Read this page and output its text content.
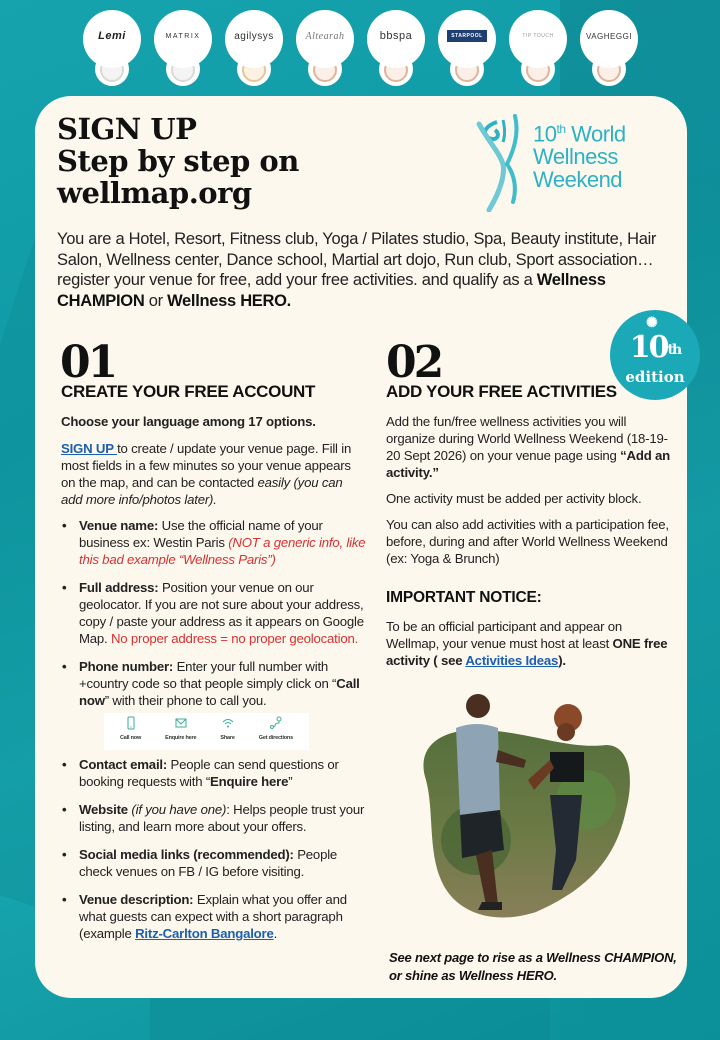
Lemi	MATRIX	agilysys	Altearah	bbspa	STARPOOL	TIP TOUCH	VAGHEGGI
SIGN UP
Step by step on
wellmap.org
10th World
Wellness
Weekend
You are a Hotel, Resort, Fitness club, Yoga / Pilates studio, Spa, Beauty institute, Hair Salon, Wellness center, Dance school, Martial art dojo, Run club, Sport association… register your venue for free, add your free activities. and qualify as a Wellness CHAMPION or Wellness HERO.
01
CREATE YOUR FREE ACCOUNT

Choose your language among 17 options.

SIGN UP to create / update your venue page. Fill in most fields in a few minutes so your venue appears on the map, and can be contacted easily (you can add more info/photos later).

• Venue name: Use the official name of your business ex: Westin Paris (NOT a generic info, like this bad example “Wellness Paris”)
• Full address: Position your venue on our geolocator. If you are not sure about your address, copy / paste your address as it appears on Google Map. No proper address = no proper geolocation.
• Phone number: Enter your full number with +country code so that people simply click on “Call now” with their phone to call you.
Call now	Enquire here	Share	Get directions
• Contact email: People can send questions or booking requests with “Enquire here”
• Website (if you have one): Helps people trust your listing, and learn more about your offers.
• Social media links (recommended): People check venues on FB / IG before visiting.
• Venue description: Explain what you offer and what guests can expect with a short paragraph (example Ritz-Carlton Bangalore.
02
ADD YOUR FREE ACTIVITIES

Add the fun/free wellness activities you will organize during World Wellness Weekend (18-19-20 Sept 2026) on your venue page using “Add an activity.”

One activity must be added per activity block.

You can also add activities with a participation fee, before, during and after World Wellness Weekend (ex: Yoga & Brunch)

IMPORTANT NOTICE:

To be an official participant and appear on Wellmap, your venue must host at least ONE free activity ( see Activities Ideas).

✺
10th
edition
See next page to rise as a Wellness CHAMPION, or shine as Wellness HERO.
